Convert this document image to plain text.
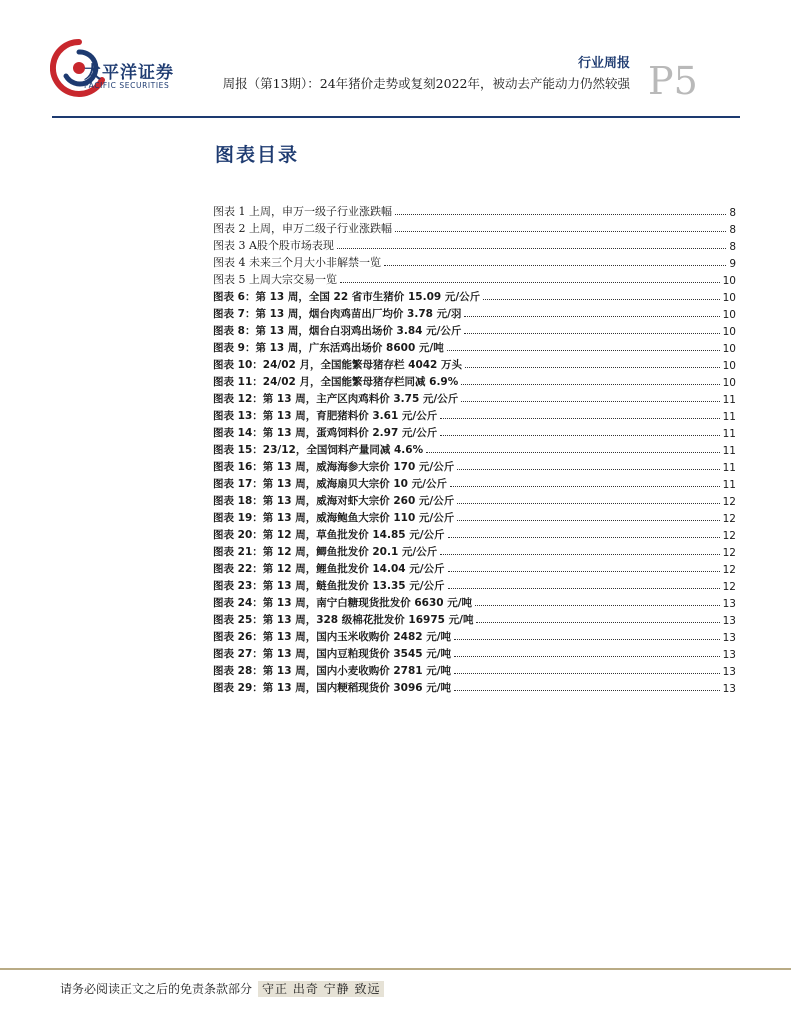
太平洋证券
PACIFIC SECURITIES
行业周报
周报（第13期）：24年猪价走势或复刻2022年，被动去产能动力仍然较强 P5
图表目录
图表 1 上周，申万一级子行业涨跌幅	8
图表 2 上周，申万二级子行业涨跌幅	8
图表 3 A股个股市场表现	8
图表 4 未来三个月大小非解禁一览	9
图表 5 上周大宗交易一览	10
图表 6：第 13 周，全国 22 省市生猪价 15.09 元/公斤	10
图表 7：第 13 周，烟台肉鸡苗出厂均价 3.78 元/羽	10
图表 8：第 13 周，烟台白羽鸡出场价 3.84 元/公斤	10
图表 9：第 13 周，广东活鸡出场价 8600 元/吨	10
图表 10：24/02 月，全国能繁母猪存栏 4042 万头	10
图表 11：24/02 月，全国能繁母猪存栏同减 6.9%	10
图表 12：第 13 周，主产区肉鸡料价 3.75 元/公斤	11
图表 13：第 13 周，育肥猪料价 3.61 元/公斤	11
图表 14：第 13 周，蛋鸡饲料价 2.97 元/公斤	11
图表 15：23/12，全国饲料产量同减 4.6%	11
图表 16：第 13 周，威海海参大宗价 170 元/公斤	11
图表 17：第 13 周，威海扇贝大宗价 10 元/公斤	11
图表 18：第 13 周，威海对虾大宗价 260 元/公斤	12
图表 19：第 13 周，威海鲍鱼大宗价 110 元/公斤	12
图表 20：第 12 周，草鱼批发价 14.85 元/公斤	12
图表 21：第 12 周，鲫鱼批发价 20.1 元/公斤	12
图表 22：第 12 周，鲤鱼批发价 14.04 元/公斤	12
图表 23：第 13 周，鲢鱼批发价 13.35 元/公斤	12
图表 24：第 13 周，南宁白糖现货批发价 6630 元/吨	13
图表 25：第 13 周，328 级棉花批发价 16975 元/吨	13
图表 26：第 13 周，国内玉米收购价 2482 元/吨	13
图表 27：第 13 周，国内豆粕现货价 3545 元/吨	13
图表 28：第 13 周，国内小麦收购价 2781 元/吨	13
图表 29：第 13 周，国内粳稻现货价 3096 元/吨	13
请务必阅读正文之后的免责条款部分 守正 出奇 宁静 致远
